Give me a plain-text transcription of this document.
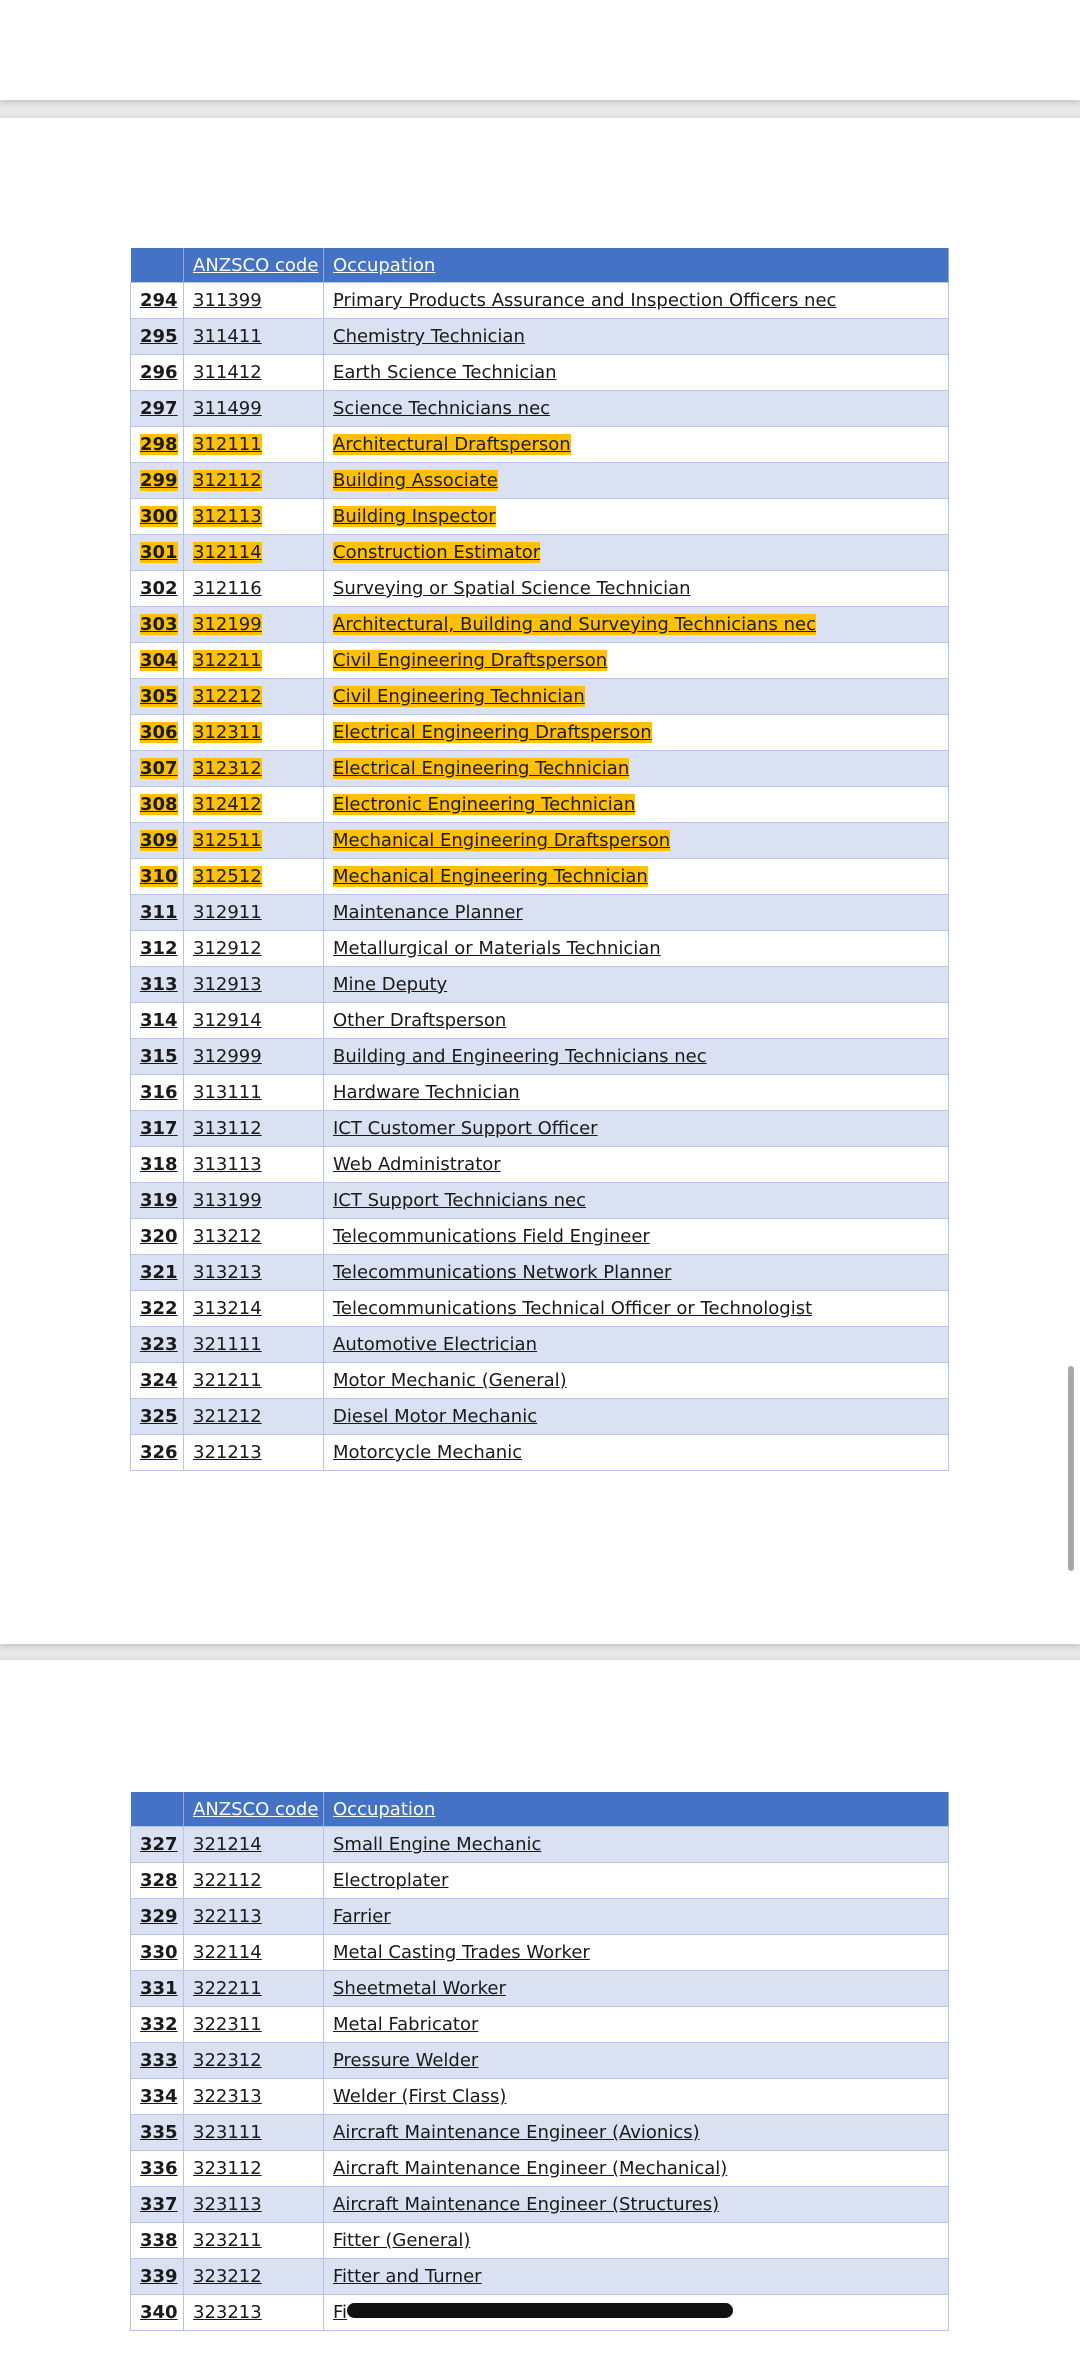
	ANZSCO code	Occupation
294	311399	Primary Products Assurance and Inspection Officers nec
295	311411	Chemistry Technician
296	311412	Earth Science Technician
297	311499	Science Technicians nec
298	312111	Architectural Draftsperson
299	312112	Building Associate
300	312113	Building Inspector
301	312114	Construction Estimator
302	312116	Surveying or Spatial Science Technician
303	312199	Architectural, Building and Surveying Technicians nec
304	312211	Civil Engineering Draftsperson
305	312212	Civil Engineering Technician
306	312311	Electrical Engineering Draftsperson
307	312312	Electrical Engineering Technician
308	312412	Electronic Engineering Technician
309	312511	Mechanical Engineering Draftsperson
310	312512	Mechanical Engineering Technician
311	312911	Maintenance Planner
312	312912	Metallurgical or Materials Technician
313	312913	Mine Deputy
314	312914	Other Draftsperson
315	312999	Building and Engineering Technicians nec
316	313111	Hardware Technician
317	313112	ICT Customer Support Officer
318	313113	Web Administrator
319	313199	ICT Support Technicians nec
320	313212	Telecommunications Field Engineer
321	313213	Telecommunications Network Planner
322	313214	Telecommunications Technical Officer or Technologist
323	321111	Automotive Electrician
324	321211	Motor Mechanic (General)
325	321212	Diesel Motor Mechanic
326	321213	Motorcycle Mechanic
	ANZSCO code	Occupation
327	321214	Small Engine Mechanic
328	322112	Electroplater
329	322113	Farrier
330	322114	Metal Casting Trades Worker
331	322211	Sheetmetal Worker
332	322311	Metal Fabricator
333	322312	Pressure Welder
334	322313	Welder (First Class)
335	323111	Aircraft Maintenance Engineer (Avionics)
336	323112	Aircraft Maintenance Engineer (Mechanical)
337	323113	Aircraft Maintenance Engineer (Structures)
338	323211	Fitter (General)
339	323212	Fitter and Turner
340	323213	Fi
